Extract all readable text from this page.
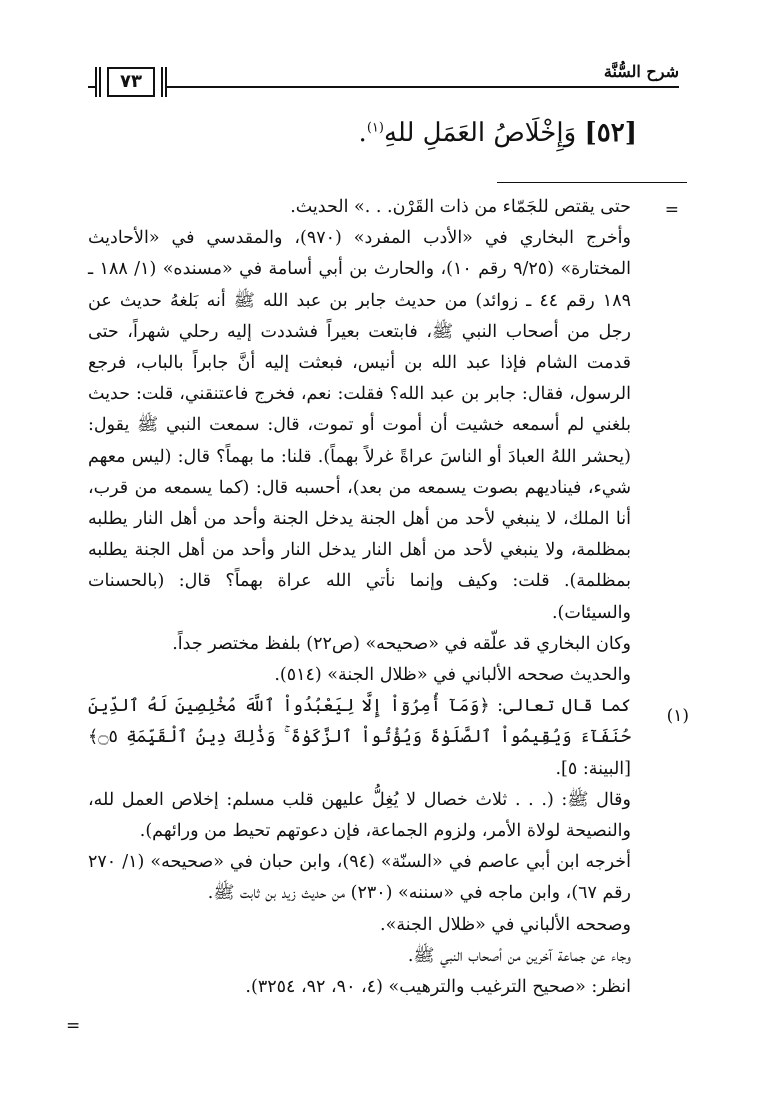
شرح السُّنَّة
٧٣
[٥٢] وَإِخْلَاصُ العَمَلِ للهِ$^{(١)}$.
=
(١)
=

حتى يقتص للجَمّاء من ذات القَرْن. . .» الحديث.

وأخرج البخاري في «الأدب المفرد» (٩٧٠)، والمقدسي في «الأحاديث المختارة» (٩/٢٥ رقم ١٠)، والحارث بن أبي أسامة في «مسنده» (١/ ١٨٨ ـ ١٨٩ رقم ٤٤ ـ زوائد) من حديث جابر بن عبد الله ﷺ أنه بَلغهُ حديث عن رجل من أصحاب النبي ﷺ، فابتعت بعيراً فشددت إليه رحلي شهراً، حتى قدمت الشام فإذا عبد الله بن أنيس، فبعثت إليه أنَّ جابراً بالباب، فرجع الرسول، فقال: جابر بن عبد الله؟ فقلت: نعم، فخرج فاعتنقني، قلت: حديث بلغني لم أسمعه خشيت أن أموت أو تموت، قال: سمعت النبي ﷺ يقول: (يحشر اللهُ العبادَ أو الناسَ عراةً غرلاً بهماً). قلنا: ما بهماً؟ قال: (ليس معهم شيء، فيناديهم بصوت يسمعه من بعد)، أحسبه قال: (كما يسمعه من قرب، أنا الملك، لا ينبغي لأحد من أهل الجنة يدخل الجنة وأحد من أهل النار يطلبه بمظلمة، ولا ينبغي لأحد من أهل النار يدخل النار وأحد من أهل الجنة يطلبه بمظلمة). قلت: وكيف وإنما نأتي الله عراة بهماً؟ قال: (بالحسنات والسيئات).

وكان البخاري قد علّقه في «صحيحه» (ص٢٢) بلفظ مختصر جداً.

والحديث صححه الألباني في «ظلال الجنة» (٥١٤).

كما قال تعالى: ﴿وَمَآ أُمِرُوٓاْ إِلَّا لِيَعْبُدُواْ ٱللَّهَ مُخْلِصِينَ لَهُ ٱلدِّينَ حُنَفَآءَ وَيُقِيمُواْ ٱلصَّلَوٰةَ وَيُؤْتُواْ ٱلزَّكَوٰةَ ۚ وَذَٰلِكَ دِينُ ٱلْقَيِّمَةِ ۝٥﴾ [البينة: ٥].

وقال ﷺ: (. . . ثلاث خصال لا يُغِلُّ عليهن قلب مسلم: إخلاص العمل لله، والنصيحة لولاة الأمر، ولزوم الجماعة، فإن دعوتهم تحيط من ورائهم).

أخرجه ابن أبي عاصم في «السنّة» (٩٤)، وابن حبان في «صحيحه» (١/ ٢٧٠ رقم ٦٧)، وابن ماجه في «سننه» (٢٣٠) من حديث زيد بن ثابت ﷺ.

وصححه الألباني في «ظلال الجنة».

وجاء عن جماعة آخرين من أصحاب النبي ﷺ.

انظر: «صحيح الترغيب والترهيب» (٤، ٩٠، ٩٢، ٣٢٥٤).
